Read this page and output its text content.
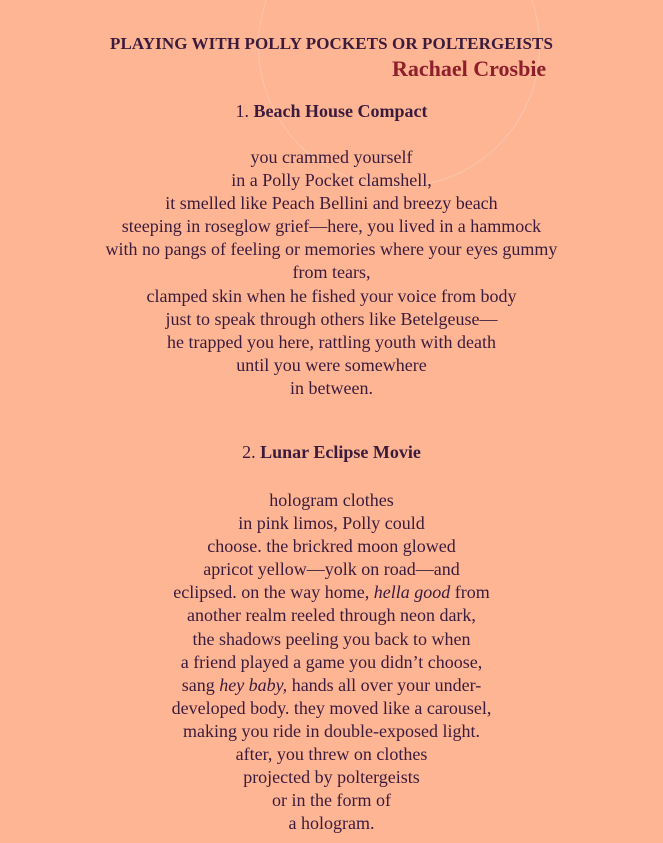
PLAYING WITH POLLY POCKETS OR POLTERGEISTS
Rachael Crosbie
1. Beach House Compact
you crammed yourself
in a Polly Pocket clamshell,
it smelled like Peach Bellini and breezy beach
steeping in roseglow grief—here, you lived in a hammock
with no pangs of feeling or memories where your eyes gummy
from tears,
clamped skin when he fished your voice from body
just to speak through others like Betelgeuse—
he trapped you here, rattling youth with death
until you were somewhere
in between.
2. Lunar Eclipse Movie
hologram clothes
in pink limos, Polly could
choose. the brickred moon glowed
apricot yellow—yolk on road—and
eclipsed. on the way home, hella good from
another realm reeled through neon dark,
the shadows peeling you back to when
a friend played a game you didn’t choose,
sang hey baby, hands all over your under-
developed body. they moved like a carousel,
making you ride in double-exposed light.
after, you threw on clothes
projected by poltergeists
or in the form of
a hologram.
